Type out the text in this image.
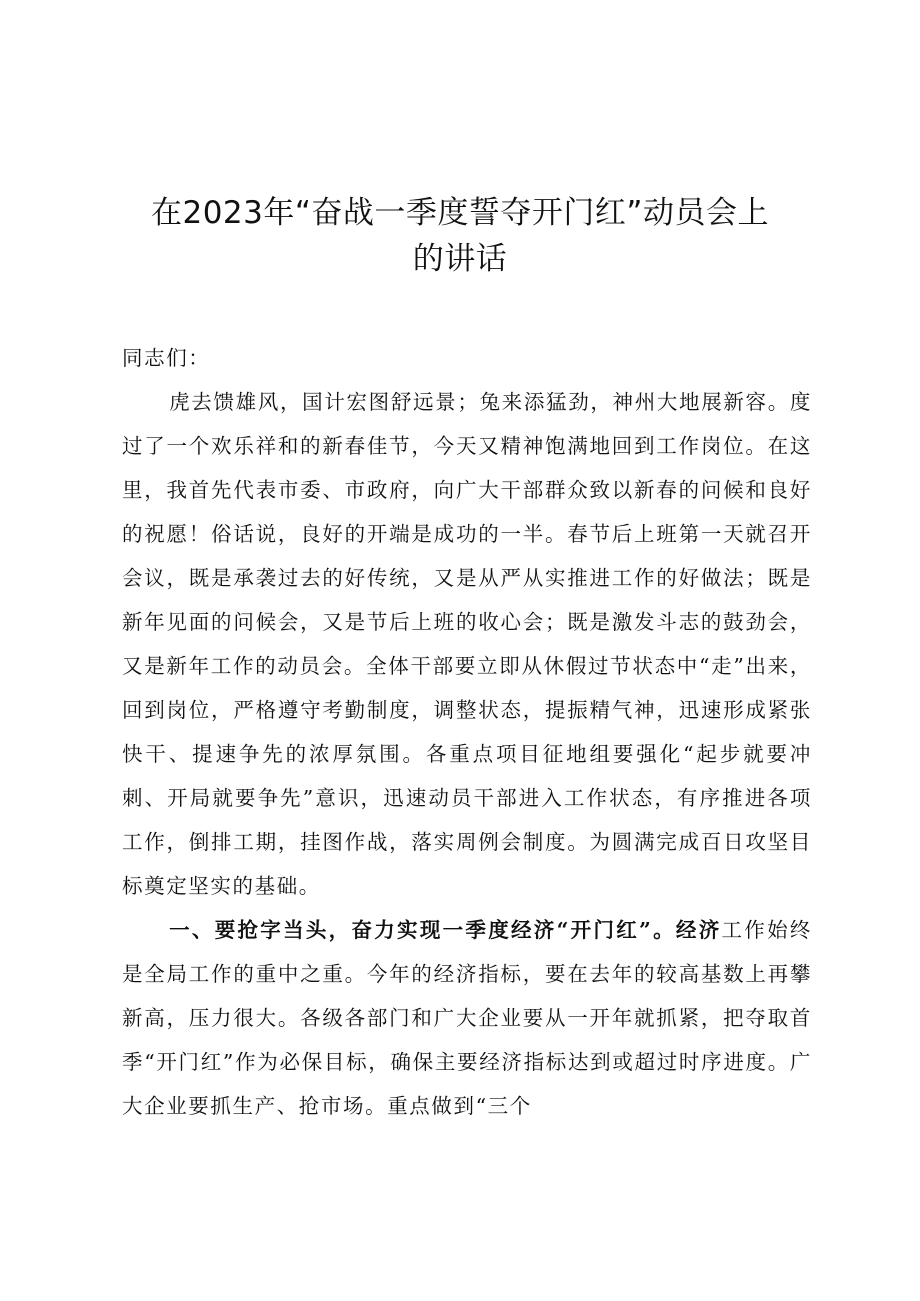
在2023年“奋战一季度誓夺开门红”动员会上
的讲话

同志们：

虎去馈雄风，国计宏图舒远景；兔来添猛劲，神州大地展新容。度过了一个欢乐祥和的新春佳节，今天又精神饱满地回到工作岗位。在这里，我首先代表市委、市政府，向广大干部群众致以新春的问候和良好的祝愿！俗话说，良好的开端是成功的一半。春节后上班第一天就召开会议，既是承袭过去的好传统，又是从严从实推进工作的好做法；既是新年见面的问候会，又是节后上班的收心会；既是激发斗志的鼓劲会，又是新年工作的动员会。全体干部要立即从休假过节状态中“走”出来，回到岗位，严格遵守考勤制度，调整状态，提振精气神，迅速形成紧张快干、提速争先的浓厚氛围。各重点项目征地组要强化“起步就要冲刺、开局就要争先”意识，迅速动员干部进入工作状态，有序推进各项工作，倒排工期，挂图作战，落实周例会制度。为圆满完成百日攻坚目标奠定坚实的基础。

一、要抢字当头，奋力实现一季度经济“开门红”。经济工作始终是全局工作的重中之重。今年的经济指标，要在去年的较高基数上再攀新高，压力很大。各级各部门和广大企业要从一开年就抓紧，把夺取首季“开门红”作为必保目标，确保主要经济指标达到或超过时序进度。广大企业要抓生产、抢市场。重点做到“三个
